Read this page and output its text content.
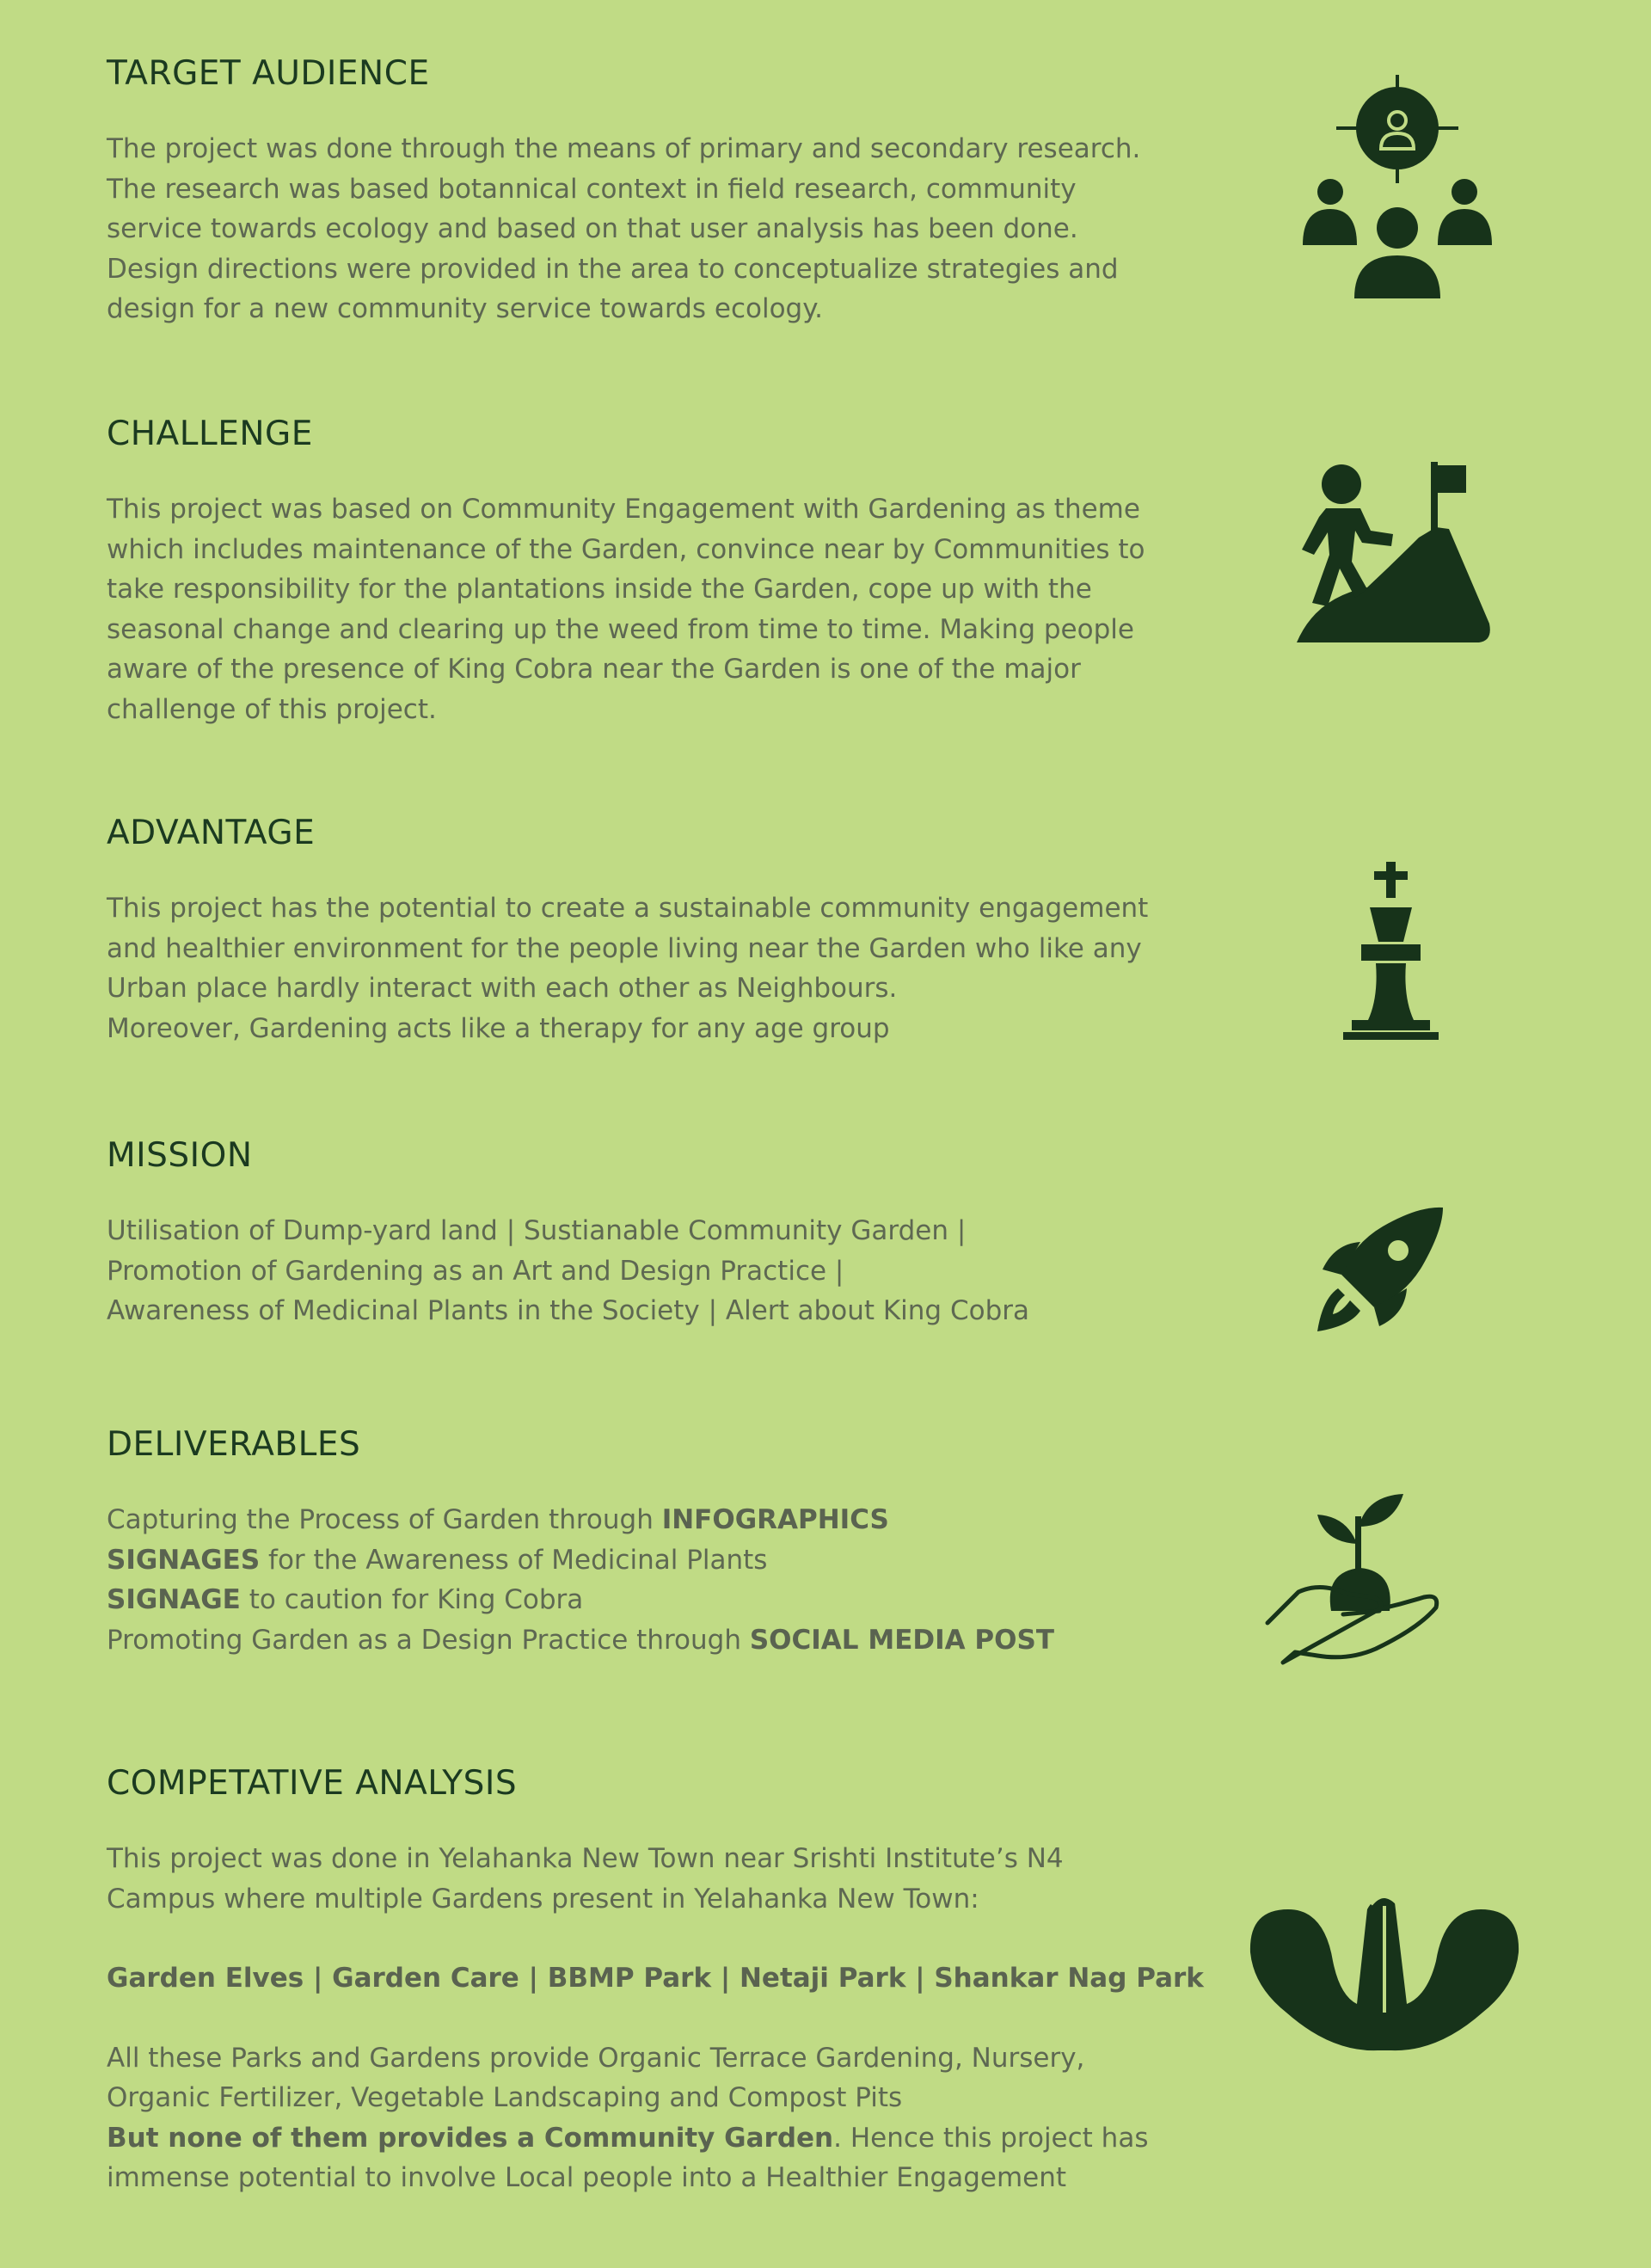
TARGET AUDIENCE
The project was done through the means of primary and secondary research.
The research was based botannical context in field research, community
service towards ecology and based on that user analysis has been done.
Design directions were provided in the area to conceptualize strategies and
design for a new community service towards ecology.
CHALLENGE
This project was based on Community Engagement with Gardening as theme
which includes maintenance of the Garden, convince near by Communities to
take responsibility for the plantations inside the Garden, cope up with the
seasonal change and clearing up the weed from time to time. Making people
aware of the presence of King Cobra near the Garden is one of the major
challenge of this project.
ADVANTAGE
This project has the potential to create a sustainable community engagement
and healthier environment for the people living near the Garden who like any
Urban place hardly interact with each other as Neighbours.
Moreover, Gardening acts like a therapy for any age group
MISSION
Utilisation of Dump-yard land | Sustianable Community Garden |
Promotion of Gardening as an Art and Design Practice |
Awareness of Medicinal Plants in the Society | Alert about King Cobra
DELIVERABLES
Capturing the Process of Garden through INFOGRAPHICS
SIGNAGES for the Awareness of Medicinal Plants
SIGNAGE to caution for King Cobra
Promoting Garden as a Design Practice through SOCIAL MEDIA POST
COMPETATIVE ANALYSIS
This project was done in Yelahanka New Town near Srishti Institute’s N4
Campus where multiple Gardens present in Yelahanka New Town:
Garden Elves | Garden Care | BBMP Park | Netaji Park | Shankar Nag Park
All these Parks and Gardens provide Organic Terrace Gardening, Nursery,
Organic Fertilizer, Vegetable Landscaping and Compost Pits
But none of them provides a Community Garden. Hence this project has
immense potential to involve Local people into a Healthier Engagement
